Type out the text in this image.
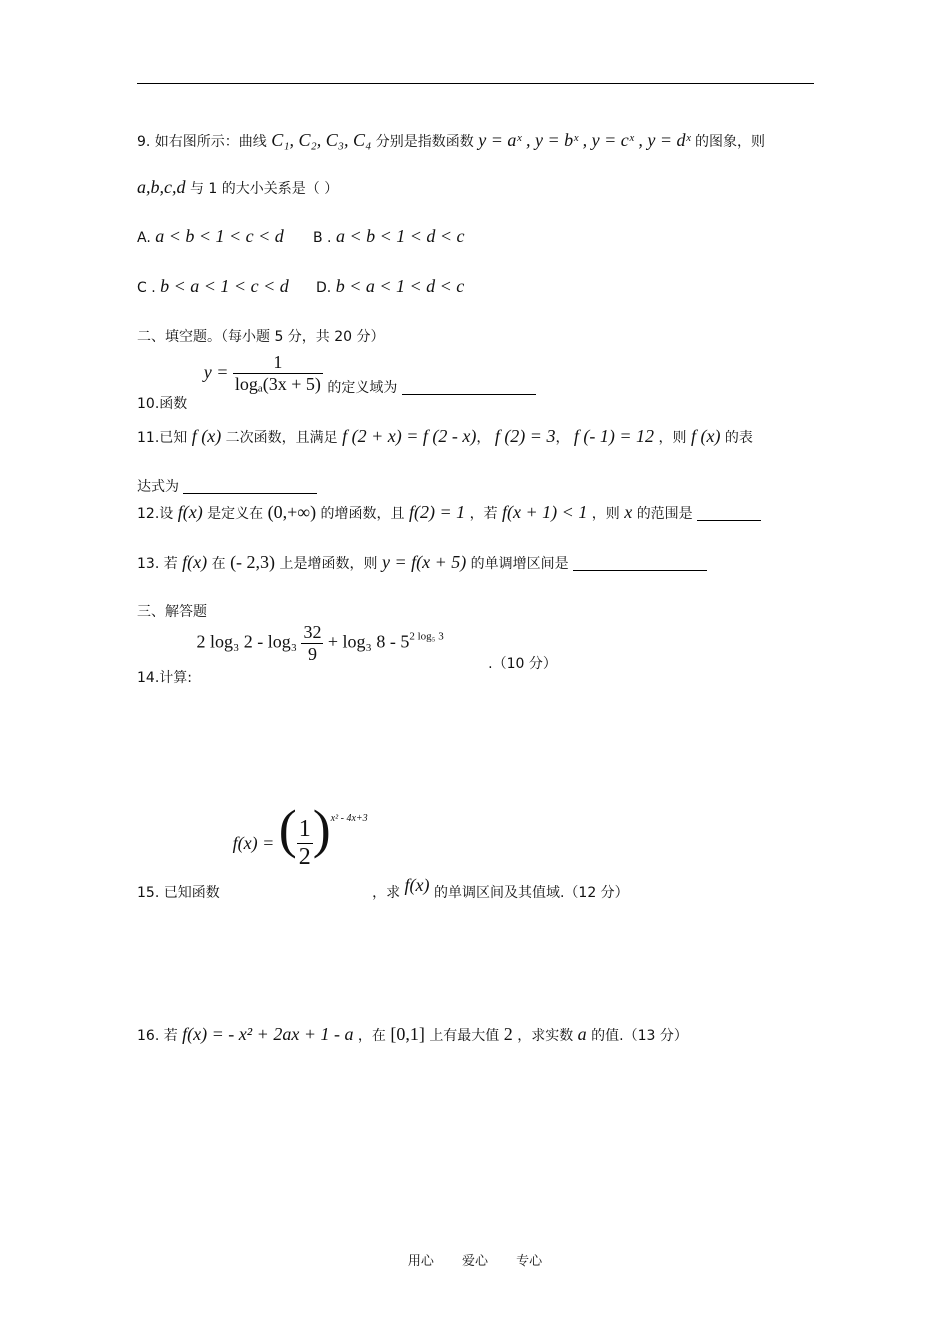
9. 如右图所示：曲线 C₁, C₂, C₃, C₄ 分别是指数函数 y = aˣ , y = bˣ , y = cˣ , y = dˣ 的图象，则
a,b,c,d 与 1 的大小关系是（ ）
A. a < b < 1 < c < d B . a < b < 1 < d < c
C . b < a < 1 < c < d D. b < a < 1 < d < c
二、填空题。（每小题 5 分，共 20 分）
10.函数 $y = \frac{1}{\text{logₐ(3x + 5)}}$ 的定义域为
11.已知 f (x) 二次函数，且满足 f (2 + x) = f (2 - x)， f (2) = 3， f (- 1) = 12 ，则 f (x) 的表
达式为
12.设 f(x) 是定义在 (0,+∞) 的增函数，且 f(2) = 1 ，若 f(x + 1) < 1 ，则 x 的范围是
13. 若 f(x) 在 (- 2,3) 上是增函数，则 y = f(x + 5) 的单调增区间是
三、解答题
14.计算: 2 log₃ $2 - \log_3 \frac{32}{9} + \log_3$ $8 - 5^{2 log_5 3}$ .（10 分）
15. 已知函数  f(x) = ( $\frac{1}{2} )^{x^2 - 4x+3}$ ，求 f(x) 的单调区间及其值域.（12 分）
16. 若 f(x) = - x² + 2ax + 1 - a ，在 [0,1] 上有最大值 2 ，求实数 a 的值.（13 分）
用心 爱心 专心
